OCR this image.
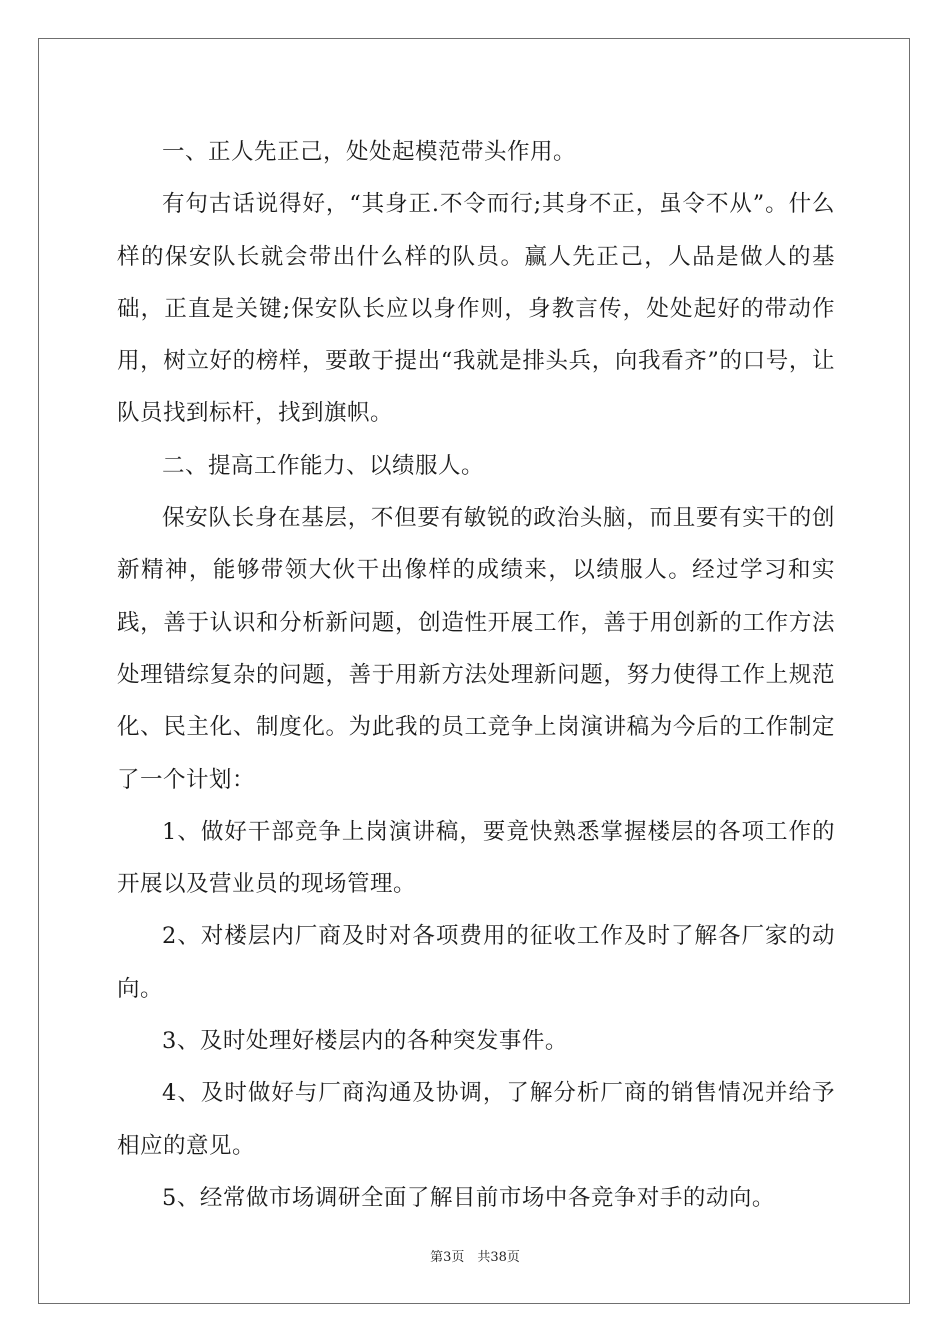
一、正人先正己，处处起模范带头作用。

有句古话说得好，“其身正.不令而行;其身不正，虽令不从”。什么样的保安队长就会带出什么样的队员。赢人先正己，人品是做人的基础，正直是关键;保安队长应以身作则，身教言传，处处起好的带动作用，树立好的榜样，要敢于提出“我就是排头兵，向我看齐”的口号，让队员找到标杆，找到旗帜。

二、提高工作能力、以绩服人。

保安队长身在基层，不但要有敏锐的政治头脑，而且要有实干的创新精神，能够带领大伙干出像样的成绩来，以绩服人。经过学习和实践，善于认识和分析新问题，创造性开展工作，善于用创新的工作方法处理错综复杂的问题，善于用新方法处理新问题，努力使得工作上规范化、民主化、制度化。为此我的员工竞争上岗演讲稿为今后的工作制定了一个计划：

1、做好干部竞争上岗演讲稿，要竟快熟悉掌握楼层的各项工作的开展以及营业员的现场管理。

2、对楼层内厂商及时对各项费用的征收工作及时了解各厂家的动向。

3、及时处理好楼层内的各种突发事件。

4、及时做好与厂商沟通及协调，了解分析厂商的销售情况并给予相应的意见。

5、经常做市场调研全面了解目前市场中各竞争对手的动向。

第3页　共38页
